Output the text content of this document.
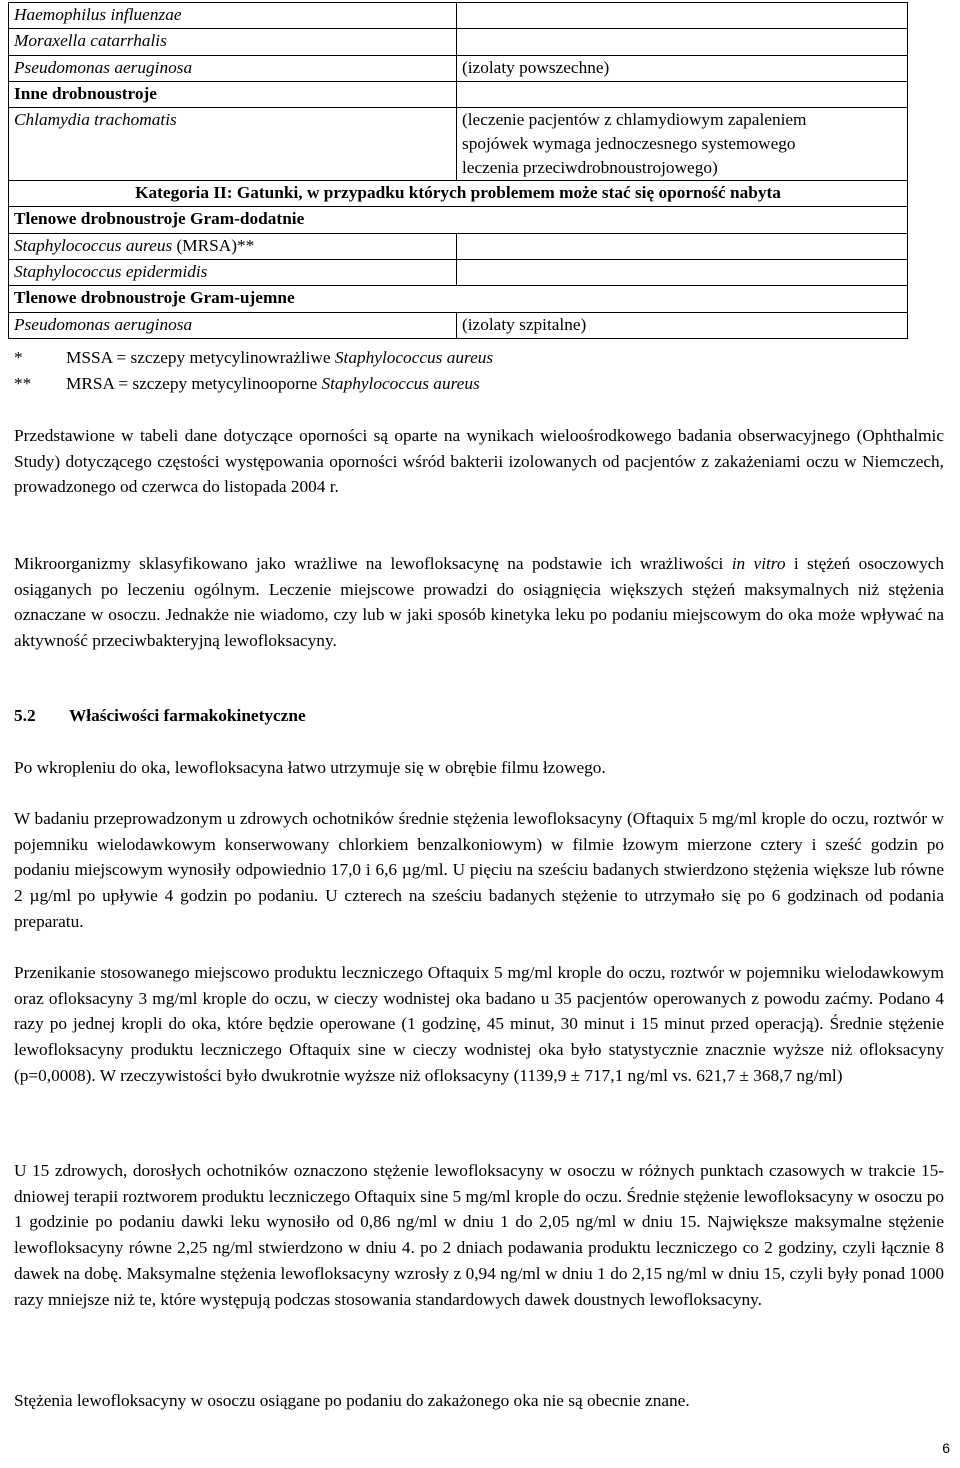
Haemophilus influenzae	
Moraxella catarrhalis	
Pseudomonas aeruginosa	(izolaty powszechne)
Inne drobnoustroje	
Chlamydia trachomatis	(leczenie pacjentów z chlamydiowym zapaleniem
spojówek wymaga jednoczesnego systemowego
leczenia przeciwdrobnoustrojowego)

Kategoria II: Gatunki, w przypadku których problemem może stać się oporność nabyta	
Tlenowe drobnoustroje Gram-dodatnie	
Staphylococcus aureus (MRSA)**	
Staphylococcus epidermidis	
Tlenowe drobnoustroje Gram-ujemne	
Pseudomonas aeruginosa	(izolaty szpitalne)
*	MSSA = szczepy metycylinowrażliwe Staphylococcus aureus
** MRSA = szczepy metycylinooporne Staphylococcus aureus

Przedstawione w tabeli dane dotyczące oporności są oparte na wynikach wieloośrodkowego badania obserwacyjnego (Ophthalmic Study) dotyczącego częstości występowania oporności wśród bakterii izolowanych od pacjentów z zakażeniami oczu w Niemczech, prowadzonego od czerwca do listopada 2004 r.

Mikroorganizmy sklasyfikowano jako wrażliwe na lewofloksacynę na podstawie ich wrażliwości in vitro i stężeń osoczowych osiąganych po leczeniu ogólnym. Leczenie miejscowe prowadzi do osiągnięcia większych stężeń maksymalnych niż stężenia oznaczane w osoczu. Jednakże nie wiadomo, czy lub w jaki sposób kinetyka leku po podaniu miejscowym do oka może wpływać na aktywność przeciwbakteryjną lewofloksacyny.

5.2 Właściwości farmakokinetyczne

Po wkropleniu do oka, lewofloksacyna łatwo utrzymuje się w obrębie filmu łzowego.

W badaniu przeprowadzonym u zdrowych ochotników średnie stężenia lewofloksacyny (Oftaquix 5 mg/ml krople do oczu, roztwór w pojemniku wielodawkowym konserwowany chlorkiem benzalkoniowym) w filmie łzowym mierzone cztery i sześć godzin po podaniu miejscowym wynosiły odpowiednio 17,0 i 6,6 µg/ml. U pięciu na sześciu badanych stwierdzono stężenia większe lub równe 2 µg/ml po upływie 4 godzin po podaniu. U czterech na sześciu badanych stężenie to utrzymało się po 6 godzinach od podania preparatu.

Przenikanie stosowanego miejscowo produktu leczniczego Oftaquix 5 mg/ml krople do oczu, roztwór w pojemniku wielodawkowym oraz ofloksacyny 3 mg/ml krople do oczu, w cieczy wodnistej oka badano u 35 pacjentów operowanych z powodu zaćmy. Podano 4 razy po jednej kropli do oka, które będzie operowane (1 godzinę, 45 minut, 30 minut i 15 minut przed operacją). Średnie stężenie lewofloksacyny produktu leczniczego Oftaquix sine w cieczy wodnistej oka było statystycznie znacznie wyższe niż ofloksacyny (p=0,0008). W rzeczywistości było dwukrotnie wyższe niż ofloksacyny (1139,9 ± 717,1 ng/ml vs. 621,7 ± 368,7 ng/ml)

U 15 zdrowych, dorosłych ochotników oznaczono stężenie lewofloksacyny w osoczu w różnych punktach czasowych w trakcie 15-dniowej terapii roztworem produktu leczniczego Oftaquix sine 5 mg/ml krople do oczu. Średnie stężenie lewofloksacyny w osoczu po 1 godzinie po podaniu dawki leku wynosiło od 0,86 ng/ml w dniu 1 do 2,05 ng/ml w dniu 15. Największe maksymalne stężenie lewofloksacyny równe 2,25 ng/ml stwierdzono w dniu 4. po 2 dniach podawania produktu leczniczego co 2 godziny, czyli łącznie 8 dawek na dobę. Maksymalne stężenia lewofloksacyny wzrosły z 0,94 ng/ml w dniu 1 do 2,15 ng/ml w dniu 15, czyli były ponad 1000 razy mniejsze niż te, które występują podczas stosowania standardowych dawek doustnych lewofloksacyny.

Stężenia lewofloksacyny w osoczu osiągane po podaniu do zakażonego oka nie są obecnie znane.

6
